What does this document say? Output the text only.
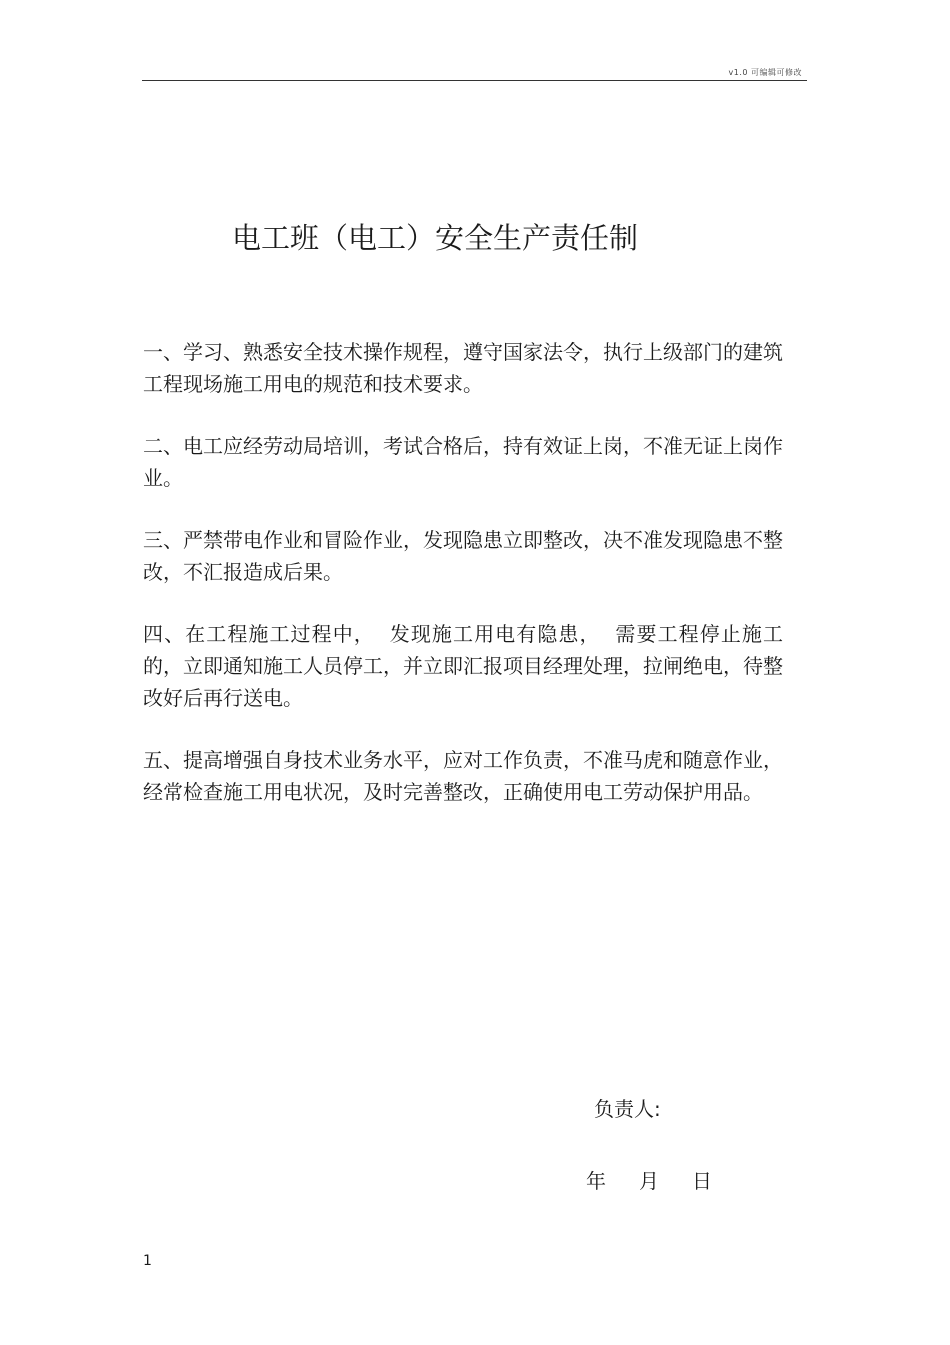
v1.0 可编辑可修改
电工班（电工）安全生产责任制

一、学习、熟悉安全技术操作规程，遵守国家法令，执行上级部门的建筑工程现场施工用电的规范和技术要求。

二、电工应经劳动局培训，考试合格后，持有效证上岗，不准无证上岗作业。

三、严禁带电作业和冒险作业，发现隐患立即整改，决不准发现隐患不整改，不汇报造成后果。

四、在工程施工过程中，  发现施工用电有隐患，  需要工程停止施工的，立即通知施工人员停工，并立即汇报项目经理处理，拉闸绝电，待整改好后再行送电。

五、提高增强自身技术业务水平，应对工作负责，不准马虎和随意作业，经常检查施工用电状况，及时完善整改，正确使用电工劳动保护用品。

负责人:
年 月 日
1
